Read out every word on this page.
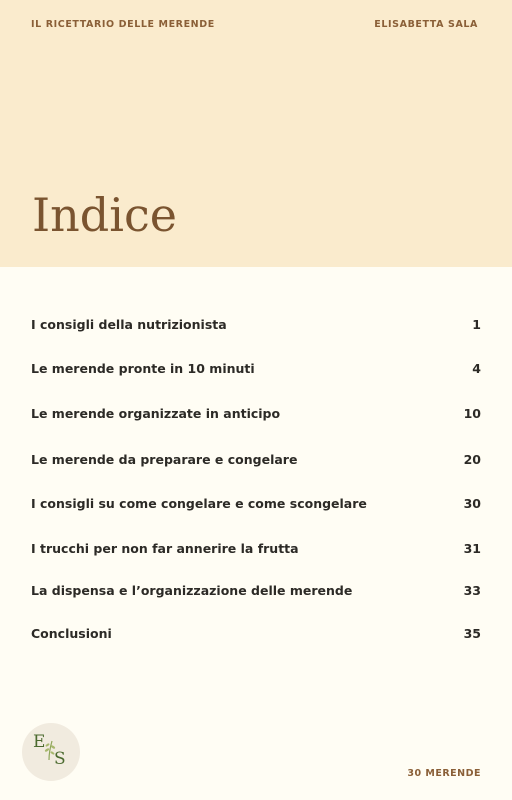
IL RICETTARIO DELLE MERENDE	ELISABETTA SALA
Indice
I consigli della nutrizionista	1
Le merende pronte in 10 minuti	4
Le merende organizzate in anticipo	10
Le merende da preparare e congelare	20
I consigli su come congelare e come scongelare	30
I trucchi per non far annerire la frutta	31
La dispensa e l’organizzazione delle merende	33
Conclusioni	35
E
S
30 MERENDE
